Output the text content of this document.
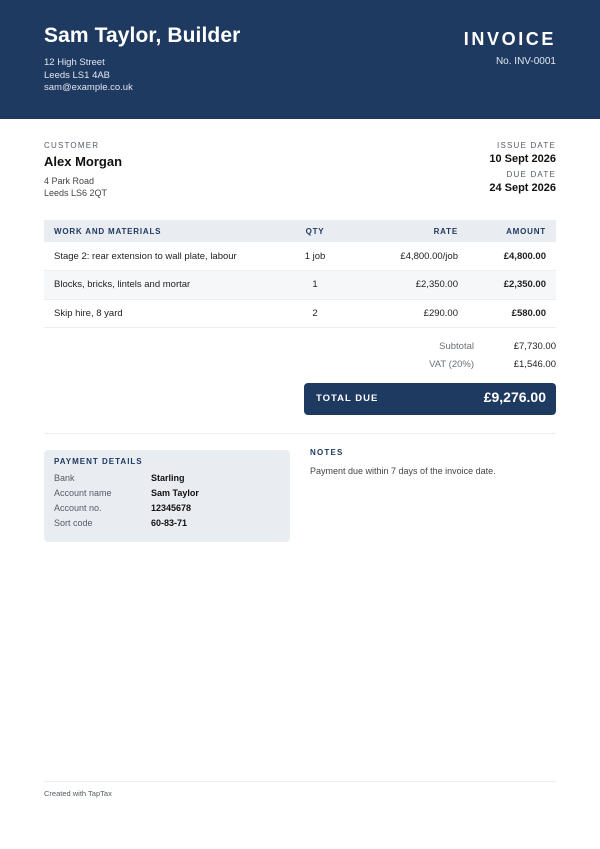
Sam Taylor, Builder
12 High Street
Leeds LS1 4AB
sam@example.co.uk
INVOICE
No. INV-0001
CUSTOMER
Alex Morgan
4 Park Road
Leeds LS6 2QT
ISSUE DATE
10 Sept 2026
DUE DATE
24 Sept 2026
WORK AND MATERIALS	QTY	RATE	AMOUNT
Stage 2: rear extension to wall plate, labour	1 job	£4,800.00/job	£4,800.00
Blocks, bricks, lintels and mortar	1	£2,350.00	£2,350.00
Skip hire, 8 yard	2	£290.00	£580.00
Subtotal	£7,730.00
VAT (20%)	£1,546.00
TOTAL DUE	£9,276.00
PAYMENT DETAILS
Bank	Starling
Account name	Sam Taylor
Account no.	12345678
Sort code	60-83-71
NOTES
Payment due within 7 days of the invoice date.
Created with TapTax
